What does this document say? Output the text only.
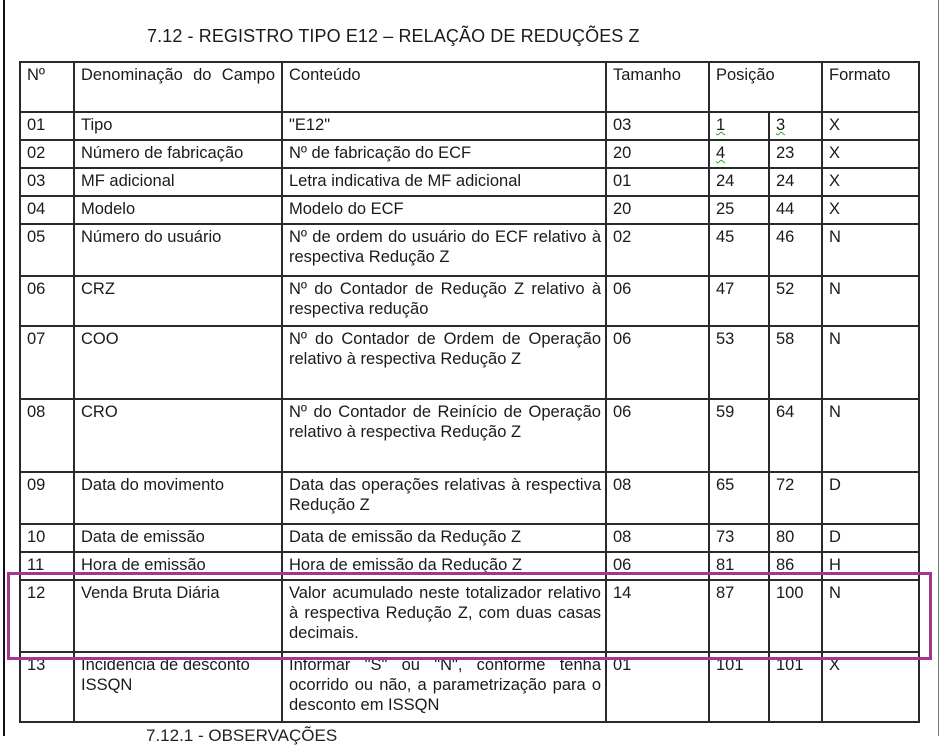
7.12 - REGISTRO TIPO E12 – RELAÇÃO DE REDUÇÕES Z
Nº	Denominação do Campo	Conteúdo	Tamanho	Posição		Formato
01	Tipo	"E12"	03	1	3	X
02	Número de fabricação	Nº de fabricação do ECF	20	4	23	X
03	MF adicional	Letra indicativa de MF adicional	01	24	24	X
04	Modelo	Modelo do ECF	20	25	44	X
05	Número do usuário	Nº de ordem do usuário do ECF relativo à respectiva Redução Z	02	45	46	N
06	CRZ	Nº do Contador de Redução Z relativo à respectiva redução	06	47	52	N
07	COO	Nº do Contador de Ordem de Operação relativo à respectiva Redução Z	06	53	58	N
08	CRO	Nº do Contador de Reinício de Operação relativo à respectiva Redução Z	06	59	64	N
09	Data do movimento	Data das operações relativas à respectiva Redução Z	08	65	72	D
10	Data de emissão	Data de emissão da Redução Z	08	73	80	D
11	Hora de emissão	Hora de emissão da Redução Z	06	81	86	H
12	Venda Bruta Diária	Valor acumulado neste totalizador relativo à respectiva Redução Z, com duas casas decimais.	14	87	100	N
13	Incidência de desconto ISSQN	Informar "S" ou "N", conforme tenha ocorrido ou não, a parametrização para o desconto em ISSQN	01	101	101	X
7.12.1 - OBSERVAÇÕES
